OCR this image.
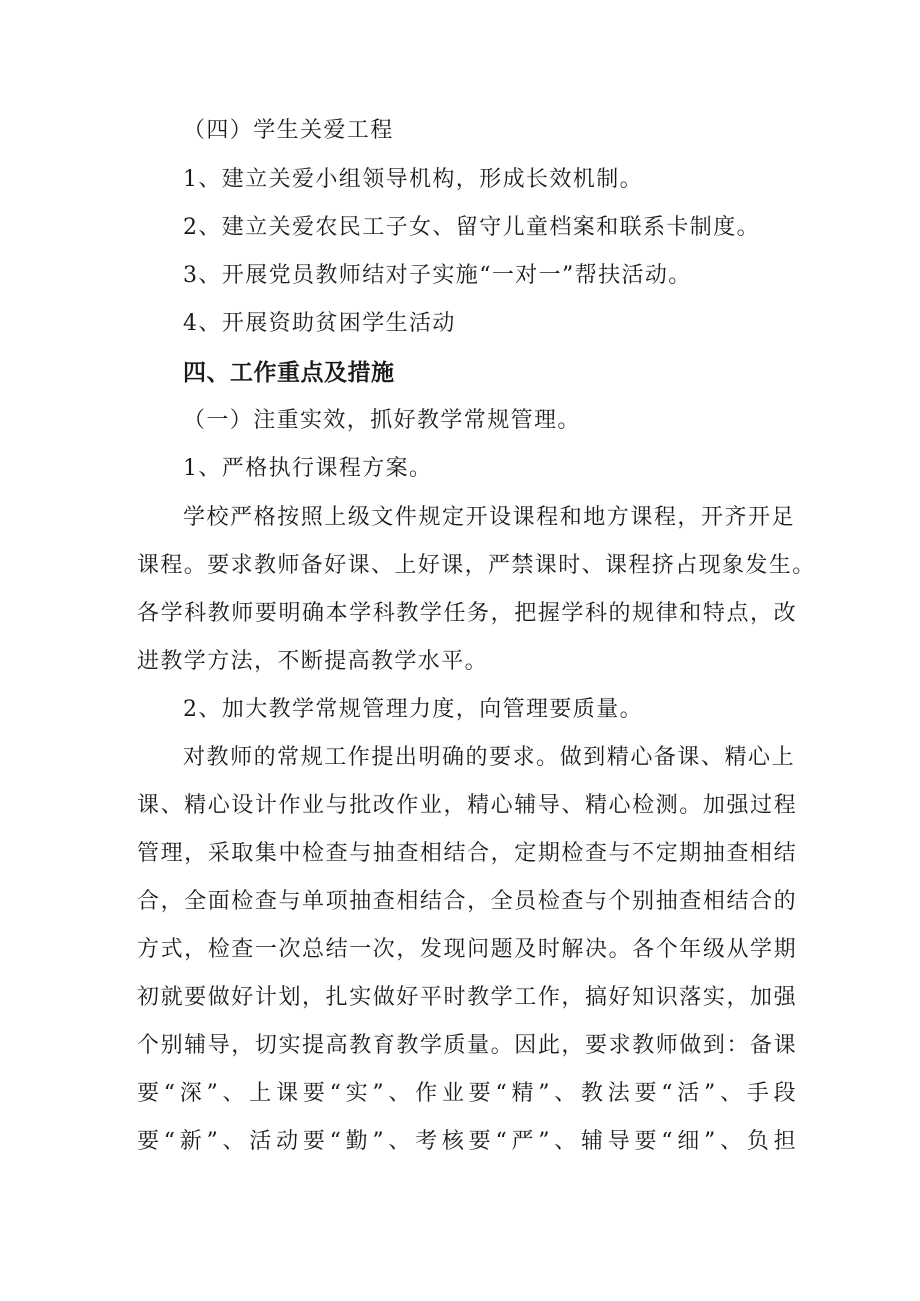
（四）学生关爱工程
1、建立关爱小组领导机构，形成长效机制。
2、建立关爱农民工子女、留守儿童档案和联系卡制度。
3、开展党员教师结对子实施“一对一”帮扶活动。
4、开展资助贫困学生活动
四、工作重点及措施
（一）注重实效，抓好教学常规管理。
1、严格执行课程方案。
学校严格按照上级文件规定开设课程和地方课程，开齐开足
课程。要求教师备好课、上好课，严禁课时、课程挤占现象发生。
各学科教师要明确本学科教学任务，把握学科的规律和特点，改
进教学方法，不断提高教学水平。
2、加大教学常规管理力度，向管理要质量。
对教师的常规工作提出明确的要求。做到精心备课、精心上
课、精心设计作业与批改作业，精心辅导、精心检测。加强过程
管理，采取集中检查与抽查相结合，定期检查与不定期抽查相结
合，全面检查与单项抽查相结合，全员检查与个别抽查相结合的
方式，检查一次总结一次，发现问题及时解决。各个年级从学期
初就要做好计划，扎实做好平时教学工作，搞好知识落实，加强
个别辅导，切实提高教育教学质量。因此，要求教师做到：备课
要“深”、上课要“实”、作业要“精”、教法要“活”、手段
要“新”、活动要“勤”、考核要“严”、辅导要“细”、负担
